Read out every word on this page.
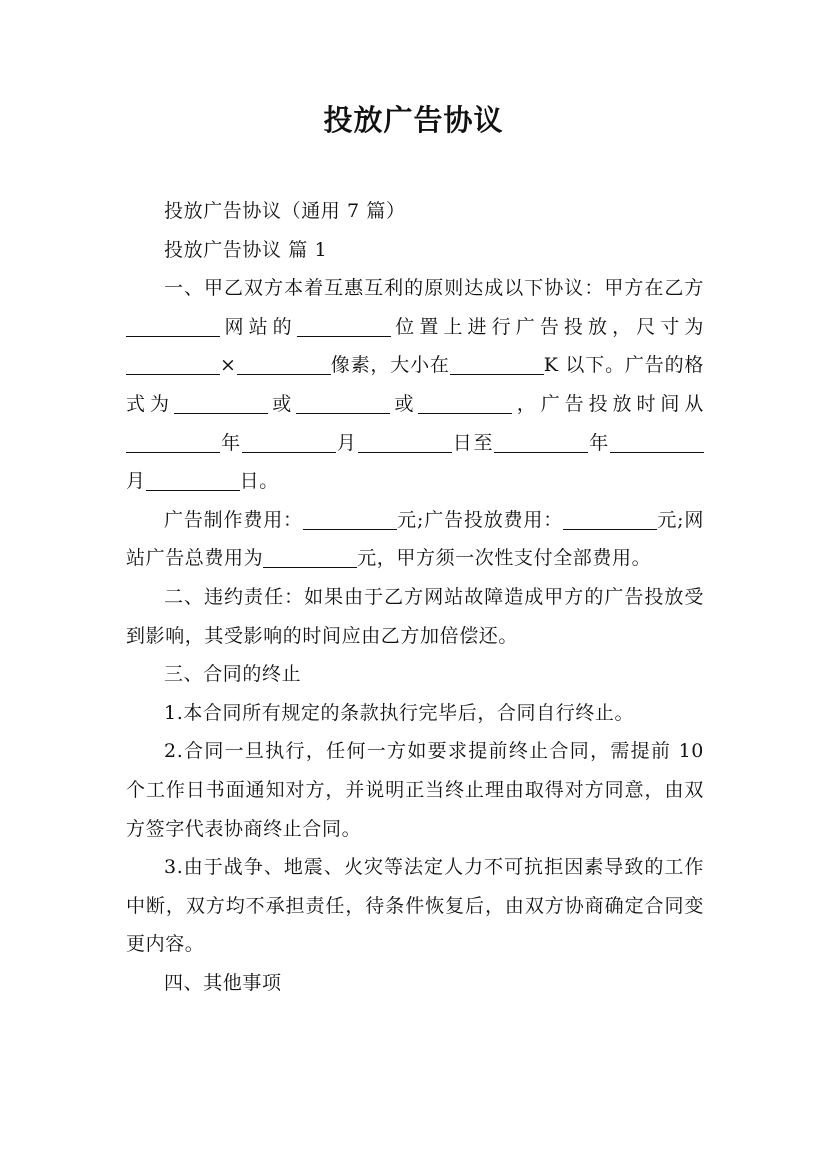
投放广告协议

投放广告协议（通用 7 篇）

投放广告协议 篇 1

一、甲乙双方本着互惠互利的原则达成以下协议：甲方在乙方网站的	位置上进行广告投放，尺寸为×	像素，大小在	K 以下。广告的格式为	或	或	，广告投放时间从年	月	日至	年月	日。

广告制作费用：	元;广告投放费用：	元;网站广告总费用为	元，甲方须一次性支付全部费用。

二、违约责任：如果由于乙方网站故障造成甲方的广告投放受到影响，其受影响的时间应由乙方加倍偿还。

三、合同的终止

1.本合同所有规定的条款执行完毕后，合同自行终止。

2.合同一旦执行，任何一方如要求提前终止合同，需提前 10 个工作日书面通知对方，并说明正当终止理由取得对方同意，由双方签字代表协商终止合同。

3.由于战争、地震、火灾等法定人力不可抗拒因素导致的工作中断，双方均不承担责任，待条件恢复后，由双方协商确定合同变更内容。

四、其他事项
